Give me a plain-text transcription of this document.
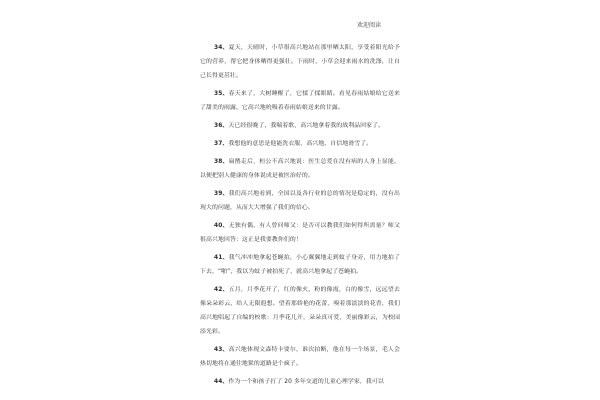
欢迎阅读

34、夏天，天晴时，小草很高兴地站在那里晒太阳，享受着阳光给予它的营养，帮它把身体晒得更强壮。下雨时，小草会迎来雨水的洗涤，让自己长得更茁壮。

35、春天来了，大树睡醒了，它揉了揉眼睛。看见春雨姑娘给它送来了甜美的雨露，它高兴地吮吸着春雨姑娘送来的甘露。

36、天已经很晚了，我喘着歌，高兴地拿着我的战利品回家了。

37、我想他的意思是他能洗衣服，高兴地、自信地滑雪了。

38、扁鹊走后，桓公不高兴地说：医生总爱在没有病的人身上显能，以便把别人健康的身体说成是被医治好的。

39、我们高兴地看到，全国以及各行业的总的情况是稳定的，没有出现大的问题，从而大大增强了我们的信心。

40、无独有偶，有人曾问师父：是否可以教我们如何得所需量？师父很高兴地回答：这正是我要教你们的！

41、我气冲冲地拿起苍蝇拍，小心翼翼地走到蚊子身旁，用力地拍了下去，“啪”，我以为蚊子被拍死了，就高兴地拿起了苍蝇拍。

42、五月，月季花开了，红的像火，粉的像霞，白的像雪，远远望去像朵朵彩云，给人无限遐想。望着那娇艳的花蕾，嗅着那淡淡的花香，我们高兴地唱起了自编的校歌：月季花儿开，朵朵真可爱，美丽像彩云，为校园添光彩。

43、高兴地体现文森特卡要尔，谁次拍断，他在每一个场景，毛人会热切地将在通往地狱的道路是个疯子。

44、作为一个和孩子打了 20 多年交道的儿童心理学家，我可以
